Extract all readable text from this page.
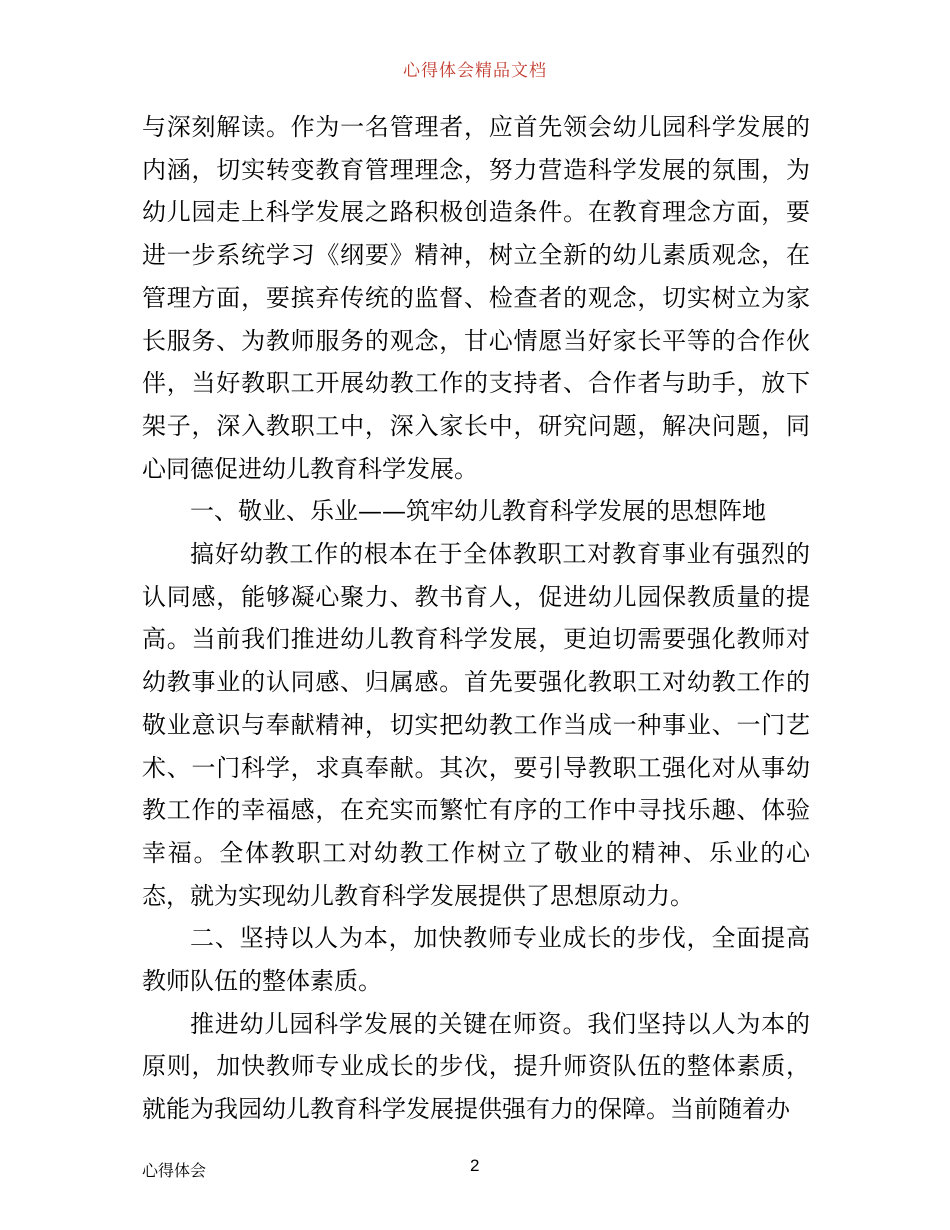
心得体会精品文档

与深刻解读。作为一名管理者，应首先领会幼儿园科学发展的内涵，切实转变教育管理理念，努力营造科学发展的氛围，为幼儿园走上科学发展之路积极创造条件。在教育理念方面，要进一步系统学习《纲要》精神，树立全新的幼儿素质观念，在管理方面，要摈弃传统的监督、检查者的观念，切实树立为家长服务、为教师服务的观念，甘心情愿当好家长平等的合作伙伴，当好教职工开展幼教工作的支持者、合作者与助手，放下架子，深入教职工中，深入家长中，研究问题，解决问题，同心同德促进幼儿教育科学发展。

一、敬业、乐业——筑牢幼儿教育科学发展的思想阵地

搞好幼教工作的根本在于全体教职工对教育事业有强烈的认同感，能够凝心聚力、教书育人，促进幼儿园保教质量的提高。当前我们推进幼儿教育科学发展，更迫切需要强化教师对幼教事业的认同感、归属感。首先要强化教职工对幼教工作的敬业意识与奉献精神，切实把幼教工作当成一种事业、一门艺术、一门科学，求真奉献。其次，要引导教职工强化对从事幼教工作的幸福感，在充实而繁忙有序的工作中寻找乐趣、体验幸福。全体教职工对幼教工作树立了敬业的精神、乐业的心态，就为实现幼儿教育科学发展提供了思想原动力。

二、坚持以人为本，加快教师专业成长的步伐，全面提高教师队伍的整体素质。

推进幼儿园科学发展的关键在师资。我们坚持以人为本的原则，加快教师专业成长的步伐，提升师资队伍的整体素质，就能为我园幼儿教育科学发展提供强有力的保障。当前随着办

心得体会	2
